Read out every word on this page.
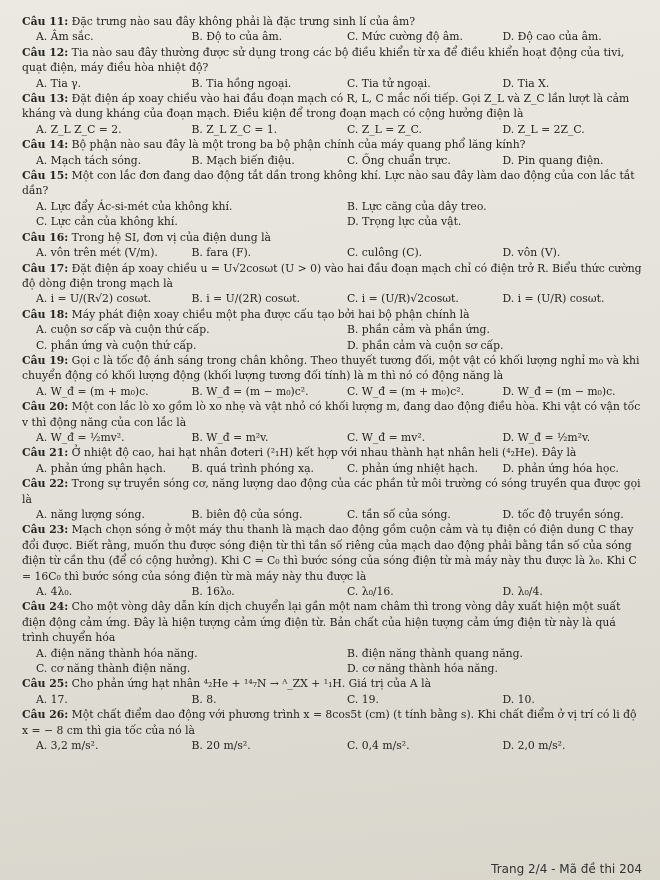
Câu 11: Đặc trưng nào sau đây không phải là đặc trưng sinh lí của âm?
A. Âm sắc.	B. Độ to của âm.	C. Mức cường độ âm.	D. Độ cao của âm.
Câu 12: Tia nào sau đây thường được sử dụng trong các bộ điều khiển từ xa để điều khiển hoạt động của tivi, quạt điện, máy điều hòa nhiệt độ?
A. Tia γ.	B. Tia hồng ngoại.	C. Tia tử ngoại.	D. Tia X.
Câu 13: Đặt điện áp xoay chiều vào hai đầu đoạn mạch có R, L, C mắc nối tiếp. Gọi Z_L và Z_C lần lượt là cảm kháng và dung kháng của đoạn mạch. Điều kiện để trong đoạn mạch có cộng hưởng điện là
A. Z_L Z_C = 2.	B. Z_L Z_C = 1.	C. Z_L = Z_C.	D. Z_L = 2Z_C.
Câu 14: Bộ phận nào sau đây là một trong ba bộ phận chính của máy quang phổ lăng kính?
A. Mạch tách sóng.	B. Mạch biến điệu.	C. Ống chuẩn trực.	D. Pin quang điện.
Câu 15: Một con lắc đơn đang dao động tắt dần trong không khí. Lực nào sau đây làm dao động của con lắc tắt dần?
A. Lực đẩy Ác-si-mét của không khí.	B. Lực căng của dây treo.
C. Lực cản của không khí.	D. Trọng lực của vật.
Câu 16: Trong hệ SI, đơn vị của điện dung là
A. vôn trên mét (V/m).	B. fara (F).	C. culông (C).	D. vôn (V).
Câu 17: Đặt điện áp xoay chiều u = U√2cosωt (U > 0) vào hai đầu đoạn mạch chỉ có điện trở R. Biểu thức cường độ dòng điện trong mạch là
A. i = U/(R√2) cosωt.	B. i = U/(2R) cosωt.	C. i = (U/R)√2cosωt.	D. i = (U/R) cosωt.
Câu 18: Máy phát điện xoay chiều một pha được cấu tạo bởi hai bộ phận chính là
A. cuộn sơ cấp và cuộn thứ cấp.	B. phần cảm và phần ứng.
C. phần ứng và cuộn thứ cấp.	D. phần cảm và cuộn sơ cấp.
Câu 19: Gọi c là tốc độ ánh sáng trong chân không. Theo thuyết tương đối, một vật có khối lượng nghỉ m₀ và khi chuyển động có khối lượng động (khối lượng tương đối tính) là m thì nó có động năng là
A. W_đ = (m + m₀)c.	B. W_đ = (m − m₀)c².	C. W_đ = (m + m₀)c².	D. W_đ = (m − m₀)c.
Câu 20: Một con lắc lò xo gồm lò xo nhẹ và vật nhỏ có khối lượng m, đang dao động điều hòa. Khi vật có vận tốc v thì động năng của con lắc là
A. W_đ = ½mv².	B. W_đ = m²v.	C. W_đ = mv².	D. W_đ = ½m²v.
Câu 21: Ở nhiệt độ cao, hai hạt nhân đơteri (²₁H) kết hợp với nhau thành hạt nhân heli (⁴₂He). Đây là
A. phản ứng phân hạch.	B. quá trình phóng xạ.	C. phản ứng nhiệt hạch.	D. phản ứng hóa học.
Câu 22: Trong sự truyền sóng cơ, năng lượng dao động của các phần tử môi trường có sóng truyền qua được gọi là
A. năng lượng sóng.	B. biên độ của sóng.	C. tần số của sóng.	D. tốc độ truyền sóng.
Câu 23: Mạch chọn sóng ở một máy thu thanh là mạch dao động gồm cuộn cảm và tụ điện có điện dung C thay đổi được. Biết rằng, muốn thu được sóng điện từ thì tần số riêng của mạch dao động phải bằng tần số của sóng điện từ cần thu (để có cộng hưởng). Khi C = C₀ thì bước sóng của sóng điện từ mà máy này thu được là λ₀. Khi C = 16C₀ thì bước sóng của sóng điện từ mà máy này thu được là
A. 4λ₀.	B. 16λ₀.	C. λ₀/16.	D. λ₀/4.
Câu 24: Cho một vòng dây dẫn kín dịch chuyển lại gần một nam châm thì trong vòng dây xuất hiện một suất điện động cảm ứng. Đây là hiện tượng cảm ứng điện từ. Bản chất của hiện tượng cảm ứng điện từ này là quá trình chuyển hóa
A. điện năng thành hóa năng.	B. điện năng thành quang năng.
C. cơ năng thành điện năng.	D. cơ năng thành hóa năng.
Câu 25: Cho phản ứng hạt nhân ⁴₂He + ¹⁴₇N → ᴬ_ZX + ¹₁H. Giá trị của A là
A. 17.	B. 8.	C. 19.	D. 10.
Câu 26: Một chất điểm dao động với phương trình x = 8cos5t (cm) (t tính bằng s). Khi chất điểm ở vị trí có li độ x = − 8 cm thì gia tốc của nó là
A. 3,2 m/s².	B. 20 m/s².	C. 0,4 m/s².	D. 2,0 m/s².
Trang 2/4 - Mã đề thi 204
